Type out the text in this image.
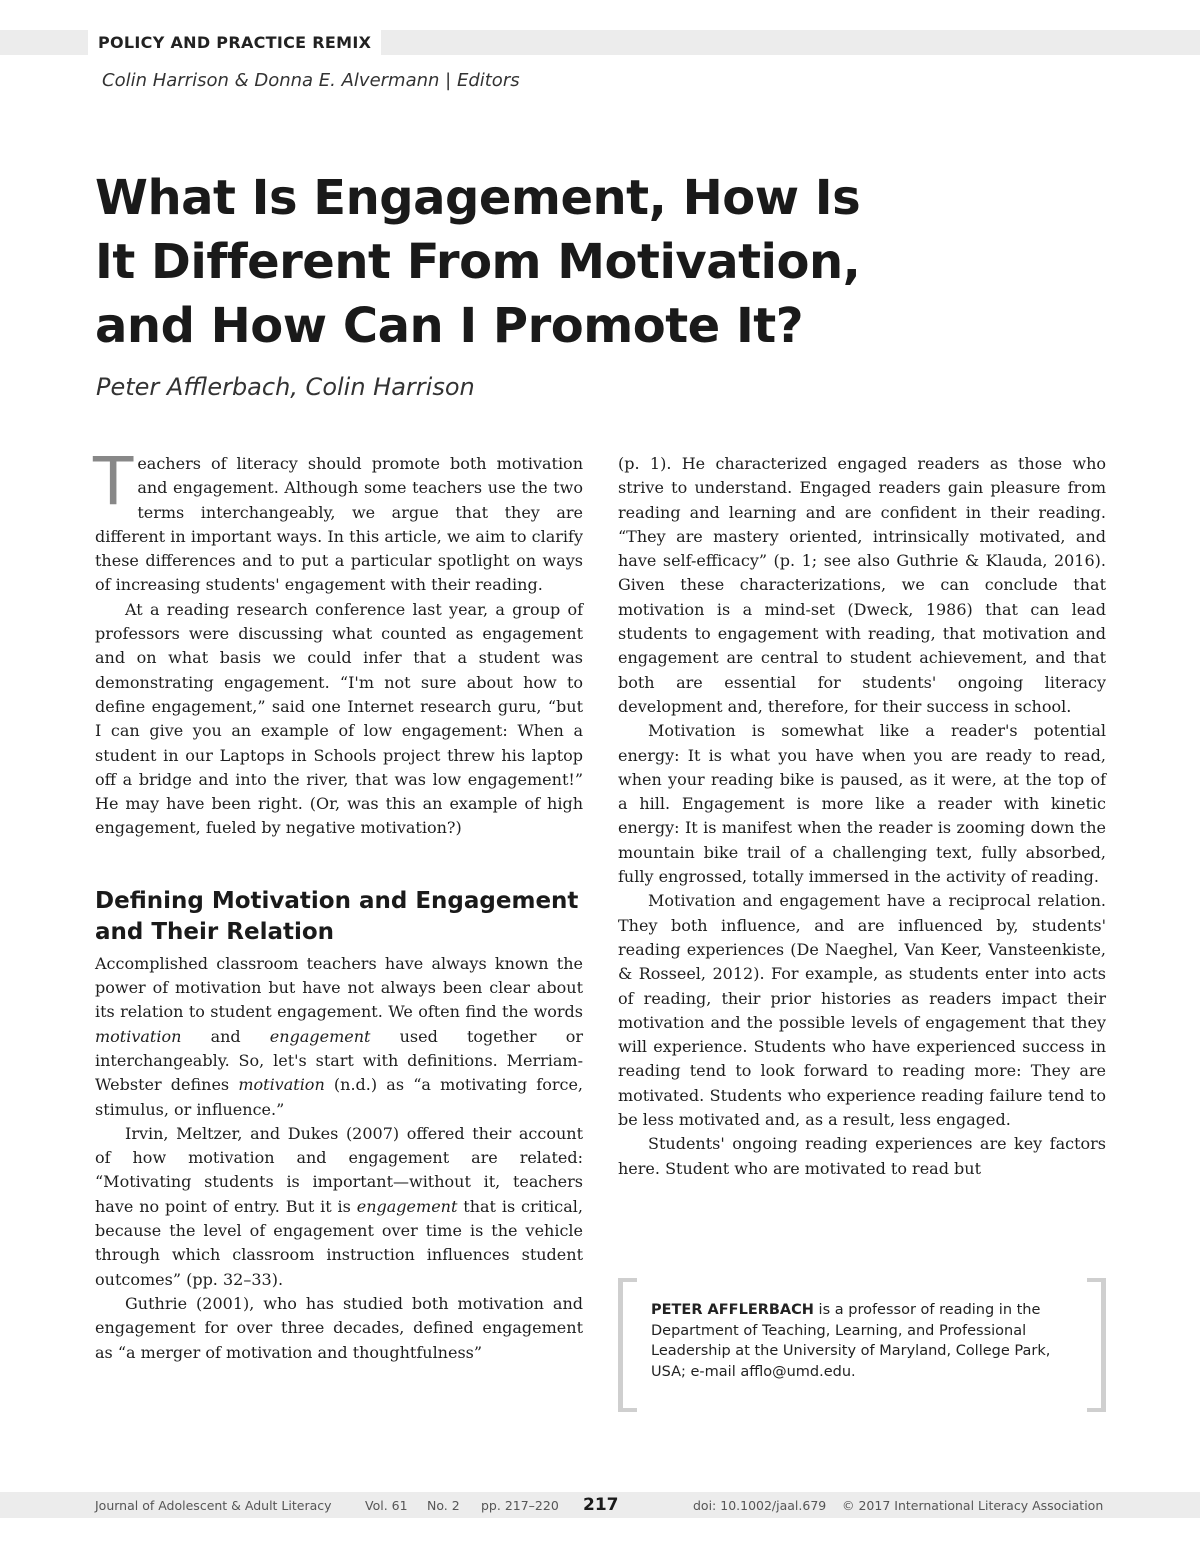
POLICY AND PRACTICE REMIX
Colin Harrison & Donna E. Alvermann | Editors
What Is Engagement, How Is
It Different From Motivation,
and How Can I Promote It?
Peter Afflerbach, Colin Harrison

Teachers of literacy should promote both motivation and engagement. Although some teachers use the two terms interchangeably, we argue that they are different in important ways. In this article, we aim to clarify these differences and to put a particular spotlight on ways of increasing students' engagement with their reading.

At a reading research conference last year, a group of professors were discussing what counted as engagement and on what basis we could infer that a student was demonstrating engagement. “I'm not sure about how to define engagement,” said one Internet research guru, “but I can give you an example of low engagement: When a student in our Laptops in Schools project threw his laptop off a bridge and into the river, that was low engagement!” He may have been right. (Or, was this an example of high engagement, fueled by negative motivation?)

Defining Motivation and Engagement and Their Relation

Accomplished classroom teachers have always known the power of motivation but have not always been clear about its relation to student engagement. We often find the words motivation and engagement used together or interchangeably. So, let's start with definitions. Merriam-Webster defines motivation (n.d.) as “a motivating force, stimulus, or influence.”

Irvin, Meltzer, and Dukes (2007) offered their account of how motivation and engagement are related: “Motivating students is important—without it, teachers have no point of entry. But it is engagement that is critical, because the level of engagement over time is the vehicle through which classroom instruction influences student outcomes” (pp. 32–33).

Guthrie (2001), who has studied both motivation and engagement for over three decades, defined engagement as “a merger of motivation and thoughtfulness”

(p. 1). He characterized engaged readers as those who strive to understand. Engaged readers gain pleasure from reading and learning and are confident in their reading. “They are mastery oriented, intrinsically motivated, and have self-efficacy” (p. 1; see also Guthrie & Klauda, 2016). Given these characterizations, we can conclude that motivation is a mind-set (Dweck, 1986) that can lead students to engagement with reading, that motivation and engagement are central to student achievement, and that both are essential for students' ongoing literacy development and, therefore, for their success in school.

Motivation is somewhat like a reader's potential energy: It is what you have when you are ready to read, when your reading bike is paused, as it were, at the top of a hill. Engagement is more like a reader with kinetic energy: It is manifest when the reader is zooming down the mountain bike trail of a challenging text, fully absorbed, fully engrossed, totally immersed in the activity of reading.

Motivation and engagement have a reciprocal relation. They both influence, and are influenced by, students' reading experiences (De Naeghel, Van Keer, Vansteenkiste, & Rosseel, 2012). For example, as students enter into acts of reading, their prior histories as readers impact their motivation and the possible levels of engagement that they will experience. Students who have experienced success in reading tend to look forward to reading more: They are motivated. Students who experience reading failure tend to be less motivated and, as a result, less engaged.

Students' ongoing reading experiences are key factors here. Student who are motivated to read but

PETER AFFLERBACH is a professor of reading in the Department of Teaching, Learning, and Professional Leadership at the University of Maryland, College Park, USA; e-mail afflo@umd.edu.
Journal of Adolescent & Adult Literacy	Vol. 61 No. 2 pp. 217–220 217	doi: 10.1002/jaal.679 © 2017 International Literacy Association
